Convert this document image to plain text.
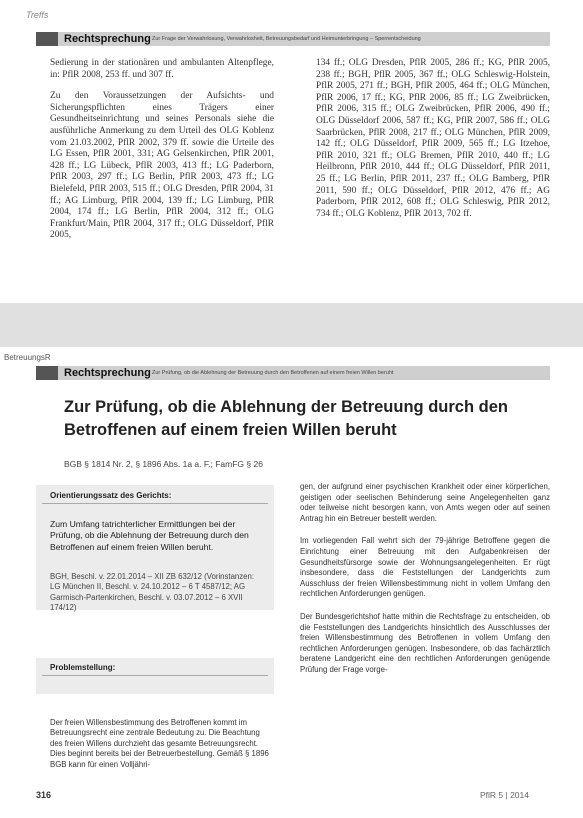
Treffs
Rechtsprechung Zur Frage der Verwahrlosung, Verwahrlosheit, Betreuungsbedarf und Heimunterbringung – Sperrentscheidung

Sedierung in der stationären und ambulanten Altenpflege, in: PflR 2008, 253 ff. und 307 ff.

Zu den Voraussetzungen der Aufsichts- und Sicherungspflichten eines Trägers einer Gesundheitseinrichtung und seines Personals siehe die ausführliche Anmerkung zu dem Urteil des OLG Koblenz vom 21.03.2002, PflR 2002, 379 ff. sowie die Urteile des LG Essen, PflR 2001, 331; AG Gelsenkirchen, PflR 2001, 428 ff.; LG Lübeck, PflR 2003, 413 ff.; LG Paderborn, PflR 2003, 297 ff.; LG Berlin, PflR 2003, 473 ff.; LG Bielefeld, PflR 2003, 515 ff.; OLG Dresden, PflR 2004, 31 ff.; AG Limburg, PflR 2004, 139 ff.; LG Limburg, PflR 2004, 174 ff.; LG Berlin, PflR 2004, 312 ff.; OLG Frankfurt/Main, PflR 2004, 317 ff.; OLG Düsseldorf, PflR 2005,

134 ff.; OLG Dresden, PflR 2005, 286 ff.; KG, PflR 2005, 238 ff.; BGH, PflR 2005, 367 ff.; OLG Schleswig-Holstein, PflR 2005, 271 ff.; BGH, PflR 2005, 464 ff.; OLG München, PflR 2006, 17 ff.; KG, PflR 2006, 85 ff.; LG Zweibrücken, PflR 2006, 315 ff.; OLG Zweibrücken, PflR 2006, 490 ff.; OLG Düsseldorf 2006, 587 ff.; KG, PflR 2007, 586 ff.; OLG Saarbrücken, PflR 2008, 217 ff.; OLG München, PflR 2009, 142 ff.; OLG Düsseldorf, PflR 2009, 565 ff.; LG Itzehoe, PflR 2010, 321 ff.; OLG Bremen, PflR 2010, 440 ff.; LG Heilbronn, PflR 2010, 444 ff.; OLG Düsseldorf, PflR 2011, 25 ff.; LG Berlin, PflR 2011, 237 ff.; OLG Bamberg, PflR 2011, 590 ff.; OLG Düsseldorf, PflR 2012, 476 ff.; AG Paderborn, PflR 2012, 608 ff.; OLG Schleswig, PflR 2012, 734 ff.; OLG Koblenz, PflR 2013, 702 ff.

BetreuungsR
Rechtsprechung Zur Prüfung, ob die Ablehnung der Betreuung durch den Betroffenen auf einem freien Willen beruht
Zur Prüfung, ob die Ablehnung der Betreuung durch den Betroffenen auf einem freien Willen beruht
BGB § 1814 Nr. 2, § 1896 Abs. 1a a. F.; FamFG § 26
Orientierungssatz des Gerichts:
Zum Umfang tatrichterlicher Ermittlungen bei der Prüfung, ob die Ablehnung der Betreuung durch den Betroffenen auf einem freien Willen beruht.
BGH, Beschl. v. 22.01.2014 – XII ZB 632/12 (Vorinstanzen: LG München II, Beschl. v. 24.10.2012 – 6 T 4587/12; AG Garmisch-Partenkirchen, Beschl. v. 03.07.2012 – 6 XVII 174/12)
Problemstellung:
Der freien Willensbestimmung des Betroffenen kommt im Betreuungsrecht eine zentrale Bedeutung zu. Die Beachtung des freien Willens durchzieht das gesamte Betreuungsrecht. Dies beginnt bereits bei der Betreuerbestellung. Gemäß § 1896 BGB kann für einen Volljähri-

gen, der aufgrund einer psychischen Krankheit oder einer körperlichen, geistigen oder seelischen Behinderung seine Angelegenheiten ganz oder teilweise nicht besorgen kann, von Amts wegen oder auf seinen Antrag hin ein Betreuer bestellt werden.

Im vorliegenden Fall wehrt sich der 79-jährige Betroffene gegen die Einrichtung einer Betreuung mit den Aufgabenkreisen der Gesundheitsfürsorge sowie der Wohnungsangelegenheiten. Er rügt insbesondere, dass die Feststellungen der Landgerichts zum Ausschluss der freien Willensbestimmung nicht in vollem Umfang den rechtlichen Anforderungen genügen.

Der Bundesgerichtshof hatte mithin die Rechtsfrage zu entscheiden, ob die Feststellungen des Landgerichts hinsichtlich des Ausschlusses der freien Willensbestimmung des Betroffenen in vollem Umfang den rechtlichen Anforderungen genügen. Insbesondere, ob das fachärztlich beratene Landgericht eine den rechtlichen Anforderungen genügende Prüfung der Frage vorge-

316	PflR 5 | 2014
